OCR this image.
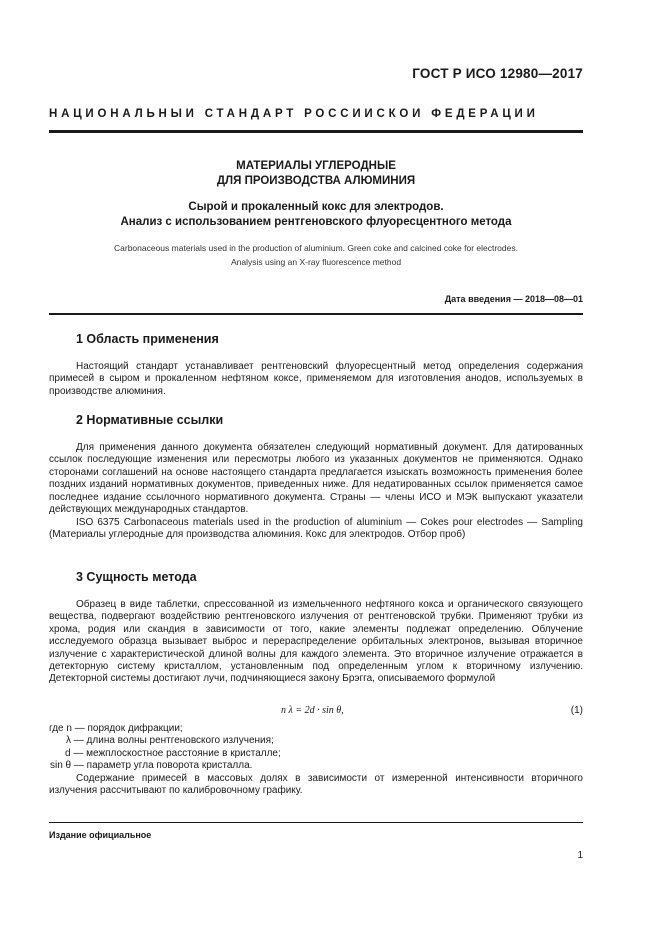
ГОСТ Р ИСО 12980—2017
НАЦИОНАЛЬНЫЙ СТАНДАРТ РОССИЙСКОЙ ФЕДЕРАЦИИ
МАТЕРИАЛЫ УГЛЕРОДНЫЕ
ДЛЯ ПРОИЗВОДСТВА АЛЮМИНИЯ
Сырой и прокаленный кокс для электродов.
Анализ с использованием рентгеновского флуоресцентного метода
Carbonaceous materials used in the production of aluminium. Green coke and calcined coke for electrodes.
Analysis using an X-ray fluorescence method
Дата введения — 2018—08—01
1 Область применения

Настоящий стандарт устанавливает рентгеновский флуоресцентный метод определения содержания примесей в сыром и прокаленном нефтяном коксе, применяемом для изготовления анодов, используемых в производстве алюминия.

2 Нормативные ссылки

Для применения данного документа обязателен следующий нормативный документ. Для датированных ссылок последующие изменения или пересмотры любого из указанных документов не применяются. Однако сторонами соглашений на основе настоящего стандарта предлагается изыскать возможность применения более поздних изданий нормативных документов, приведенных ниже. Для недатированных ссылок применяется самое последнее издание ссылочного нормативного документа. Страны — члены ИСО и МЭК выпускают указатели действующих международных стандартов.

ISO 6375 Carbonaceous materials used in the production of aluminium — Cokes pour electrodes — Sampling (Материалы углеродные для производства алюминия. Кокс для электродов. Отбор проб)

3 Сущность метода

Образец в виде таблетки, спрессованной из измельченного нефтяного кокса и органического связующего вещества, подвергают воздействию рентгеновского излучения от рентгеновской трубки. Применяют трубки из хрома, родия или скандия в зависимости от того, какие элементы подлежат определению. Облучение исследуемого образца вызывает выброс и перераспределение орбитальных электронов, вызывая вторичное излучение с характеристической длиной волны для каждого элемента. Это вторичное излучение отражается в детекторную систему кристаллом, установленным под определенным углом к вторичному излучению. Детекторной системы достигают лучи, подчиняющиеся закону Брэгга, описываемого формулой

n λ = 2d · sin θ,	(1)
где n — порядок дифракции;
λ — длина волны рентгеновского излучения;
d — межплоскостное расстояние в кристалле;
sin θ — параметр угла поворота кристалла.

Содержание примесей в массовых долях в зависимости от измеренной интенсивности вторичного излучения рассчитывают по калибровочному графику.

Издание официальное
1
